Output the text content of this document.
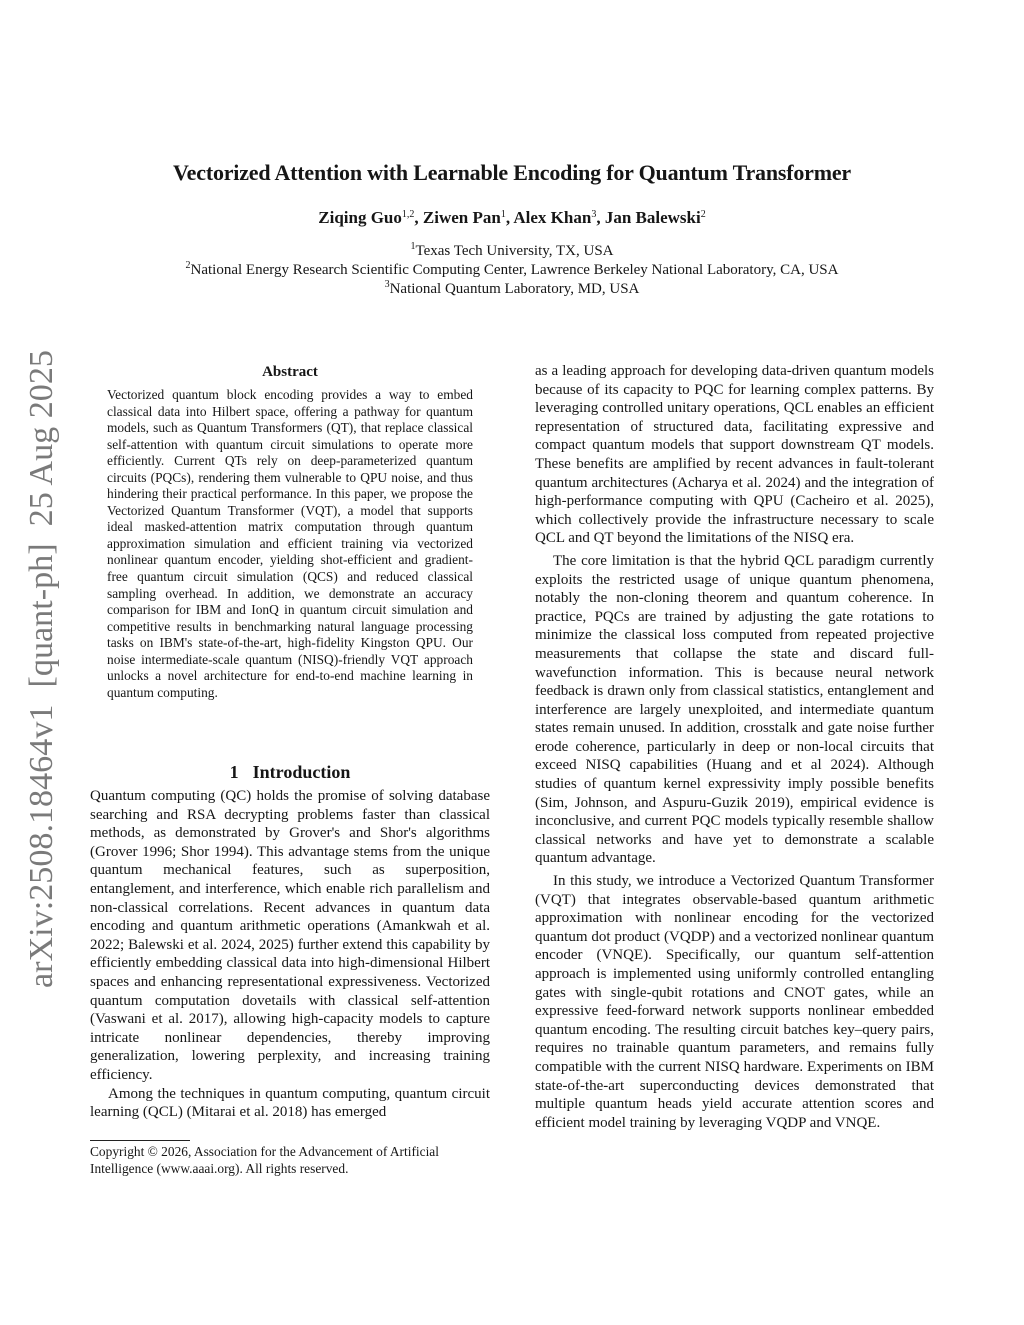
arXiv:2508.18464v1  [quant-ph]  25 Aug 2025
Vectorized Attention with Learnable Encoding for Quantum Transformer
Ziqing Guo$^{1,2}$, Ziwen Pan$^1$, Alex Khan$^3$, Jan Balewski$^2$
$^1$Texas Tech University, TX, USA
$^2$National Energy Research Scientific Computing Center, Lawrence Berkeley National Laboratory, CA, USA
$^3$National Quantum Laboratory, MD, USA
Abstract
Vectorized quantum block encoding provides a way to embed classical data into Hilbert space, offering a pathway for quantum models, such as Quantum Transformers (QT), that replace classical self-attention with quantum circuit simulations to operate more efficiently. Current QTs rely on deep-parameterized quantum circuits (PQCs), rendering them vulnerable to QPU noise, and thus hindering their practical performance. In this paper, we propose the Vectorized Quantum Transformer (VQT), a model that supports ideal masked-attention matrix computation through quantum approximation simulation and efficient training via vectorized nonlinear quantum encoder, yielding shot-efficient and gradient-free quantum circuit simulation (QCS) and reduced classical sampling overhead. In addition, we demonstrate an accuracy comparison for IBM and IonQ in quantum circuit simulation and competitive results in benchmarking natural language processing tasks on IBM's state-of-the-art, high-fidelity Kingston QPU. Our noise intermediate-scale quantum (NISQ)-friendly VQT approach unlocks a novel architecture for end-to-end machine learning in quantum computing.
1 Introduction

Quantum computing (QC) holds the promise of solving database searching and RSA decrypting problems faster than classical methods, as demonstrated by Grover's and Shor's algorithms (Grover 1996; Shor 1994). This advantage stems from the unique quantum mechanical features, such as superposition, entanglement, and interference, which enable rich parallelism and non-classical correlations. Recent advances in quantum data encoding and quantum arithmetic operations (Amankwah et al. 2022; Balewski et al. 2024, 2025) further extend this capability by efficiently embedding classical data into high-dimensional Hilbert spaces and enhancing representational expressiveness. Vectorized quantum computation dovetails with classical self-attention (Vaswani et al. 2017), allowing high-capacity models to capture intricate nonlinear dependencies, thereby improving generalization, lowering perplexity, and increasing training efficiency.

Among the techniques in quantum computing, quantum circuit learning (QCL) (Mitarai et al. 2018) has emerged

Copyright © 2026, Association for the Advancement of Artificial Intelligence (www.aaai.org). All rights reserved.

as a leading approach for developing data-driven quantum models because of its capacity to PQC for learning complex patterns. By leveraging controlled unitary operations, QCL enables an efficient representation of structured data, facilitating expressive and compact quantum models that support downstream QT models. These benefits are amplified by recent advances in fault-tolerant quantum architectures (Acharya et al. 2024) and the integration of high-performance computing with QPU (Cacheiro et al. 2025), which collectively provide the infrastructure necessary to scale QCL and QT beyond the limitations of the NISQ era.

The core limitation is that the hybrid QCL paradigm currently exploits the restricted usage of unique quantum phenomena, notably the non-cloning theorem and quantum coherence. In practice, PQCs are trained by adjusting the gate rotations to minimize the classical loss computed from repeated projective measurements that collapse the state and discard full-wavefunction information. This is because neural network feedback is drawn only from classical statistics, entanglement and interference are largely unexploited, and intermediate quantum states remain unused. In addition, crosstalk and gate noise further erode coherence, particularly in deep or non-local circuits that exceed NISQ capabilities (Huang and et al 2024). Although studies of quantum kernel expressivity imply possible benefits (Sim, Johnson, and Aspuru-Guzik 2019), empirical evidence is inconclusive, and current PQC models typically resemble shallow classical networks and have yet to demonstrate a scalable quantum advantage.

In this study, we introduce a Vectorized Quantum Transformer (VQT) that integrates observable-based quantum arithmetic approximation with nonlinear encoding for the vectorized quantum dot product (VQDP) and a vectorized nonlinear quantum encoder (VNQE). Specifically, our quantum self-attention approach is implemented using uniformly controlled entangling gates with single-qubit rotations and CNOT gates, while an expressive feed-forward network supports nonlinear embedded quantum encoding. The resulting circuit batches key–query pairs, requires no trainable quantum parameters, and remains fully compatible with the current NISQ hardware. Experiments on IBM state-of-the-art superconducting devices demonstrated that multiple quantum heads yield accurate attention scores and efficient model training by leveraging VQDP and VNQE.
